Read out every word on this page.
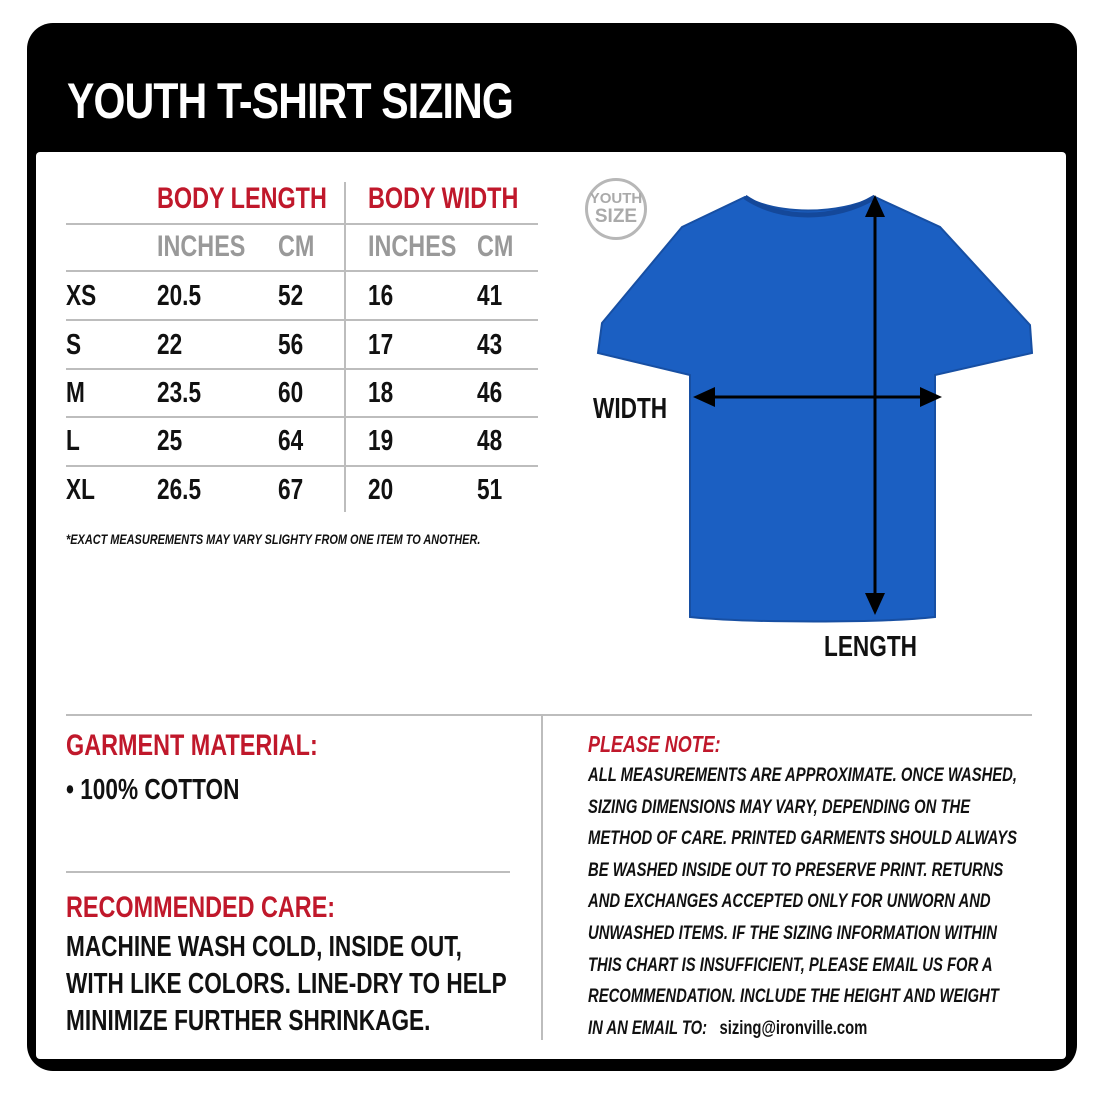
YOUTH T-SHIRT SIZING
BODY LENGTH	BODY WIDTH
INCHES	CM	INCHES CM
XS 20.5	52 16	41
S	22	56 17	43
M 23.5	60 18	46
L	25	64 19	48
XL 26.5	67 20	51
*EXACT MEASUREMENTS MAY VARY SLIGHTY FROM ONE ITEM TO ANOTHER.
YOUTH
SIZE
WIDTH
LENGTH
GARMENT MATERIAL:
• 100% COTTON
RECOMMENDED CARE:
MACHINE WASH COLD, INSIDE OUT,
WITH LIKE COLORS. LINE-DRY TO HELP
MINIMIZE FURTHER SHRINKAGE.
PLEASE NOTE:
ALL MEASUREMENTS ARE APPROXIMATE. ONCE WASHED,
SIZING DIMENSIONS MAY VARY, DEPENDING ON THE
METHOD OF CARE. PRINTED GARMENTS SHOULD ALWAYS
BE WASHED INSIDE OUT TO PRESERVE PRINT. RETURNS
AND EXCHANGES ACCEPTED ONLY FOR UNWORN AND
UNWASHED ITEMS. IF THE SIZING INFORMATION WITHIN
THIS CHART IS INSUFFICIENT, PLEASE EMAIL US FOR A
RECOMMENDATION. INCLUDE THE HEIGHT AND WEIGHT
IN AN EMAIL TO: sizing@ironville.com
